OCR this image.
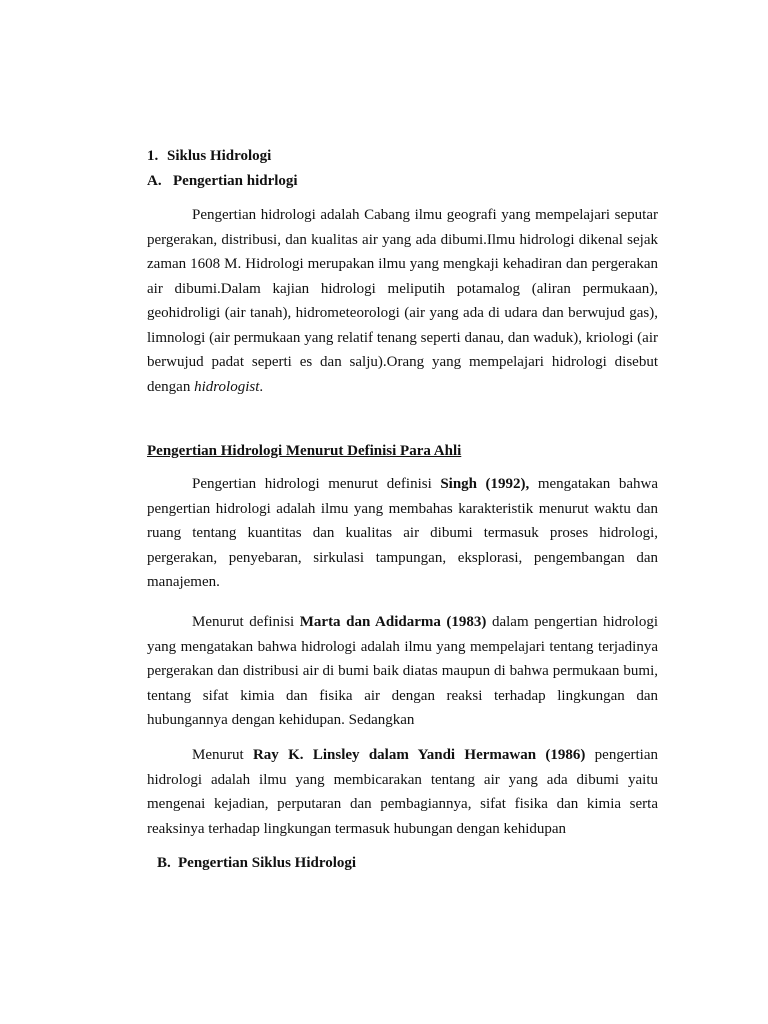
1. Siklus Hidrologi
A. Pengertian hidrlogi

Pengertian hidrologi adalah Cabang ilmu geografi yang mempelajari seputar pergerakan, distribusi, dan kualitas air yang ada dibumi.Ilmu hidrologi dikenal sejak zaman 1608 M. Hidrologi merupakan ilmu yang mengkaji kehadiran dan pergerakan air dibumi.Dalam kajian hidrologi meliputih potamalog (aliran permukaan), geohidroligi (air tanah), hidrometeorologi (air yang ada di udara dan berwujud gas), limnologi (air permukaan yang relatif tenang seperti danau, dan waduk), kriologi (air berwujud padat seperti es dan salju).Orang yang mempelajari hidrologi disebut dengan hidrologist.

Pengertian Hidrologi Menurut Definisi Para Ahli

Pengertian hidrologi menurut definisi Singh (1992), mengatakan bahwa pengertian hidrologi adalah ilmu yang membahas karakteristik menurut waktu dan ruang tentang kuantitas dan kualitas air dibumi termasuk proses hidrologi, pergerakan, penyebaran, sirkulasi tampungan, eksplorasi, pengembangan dan manajemen.

Menurut definisi Marta dan Adidarma (1983) dalam pengertian hidrologi yang mengatakan bahwa hidrologi adalah ilmu yang mempelajari tentang terjadinya pergerakan dan distribusi air di bumi baik diatas maupun di bahwa permukaan bumi, tentang sifat kimia dan fisika air dengan reaksi terhadap lingkungan dan hubungannya dengan kehidupan. Sedangkan

Menurut Ray K. Linsley dalam Yandi Hermawan (1986) pengertian hidrologi adalah ilmu yang membicarakan tentang air yang ada dibumi yaitu mengenai kejadian, perputaran dan pembagiannya, sifat fisika dan kimia serta reaksinya terhadap lingkungan termasuk hubungan dengan kehidupan

B. Pengertian Siklus Hidrologi
